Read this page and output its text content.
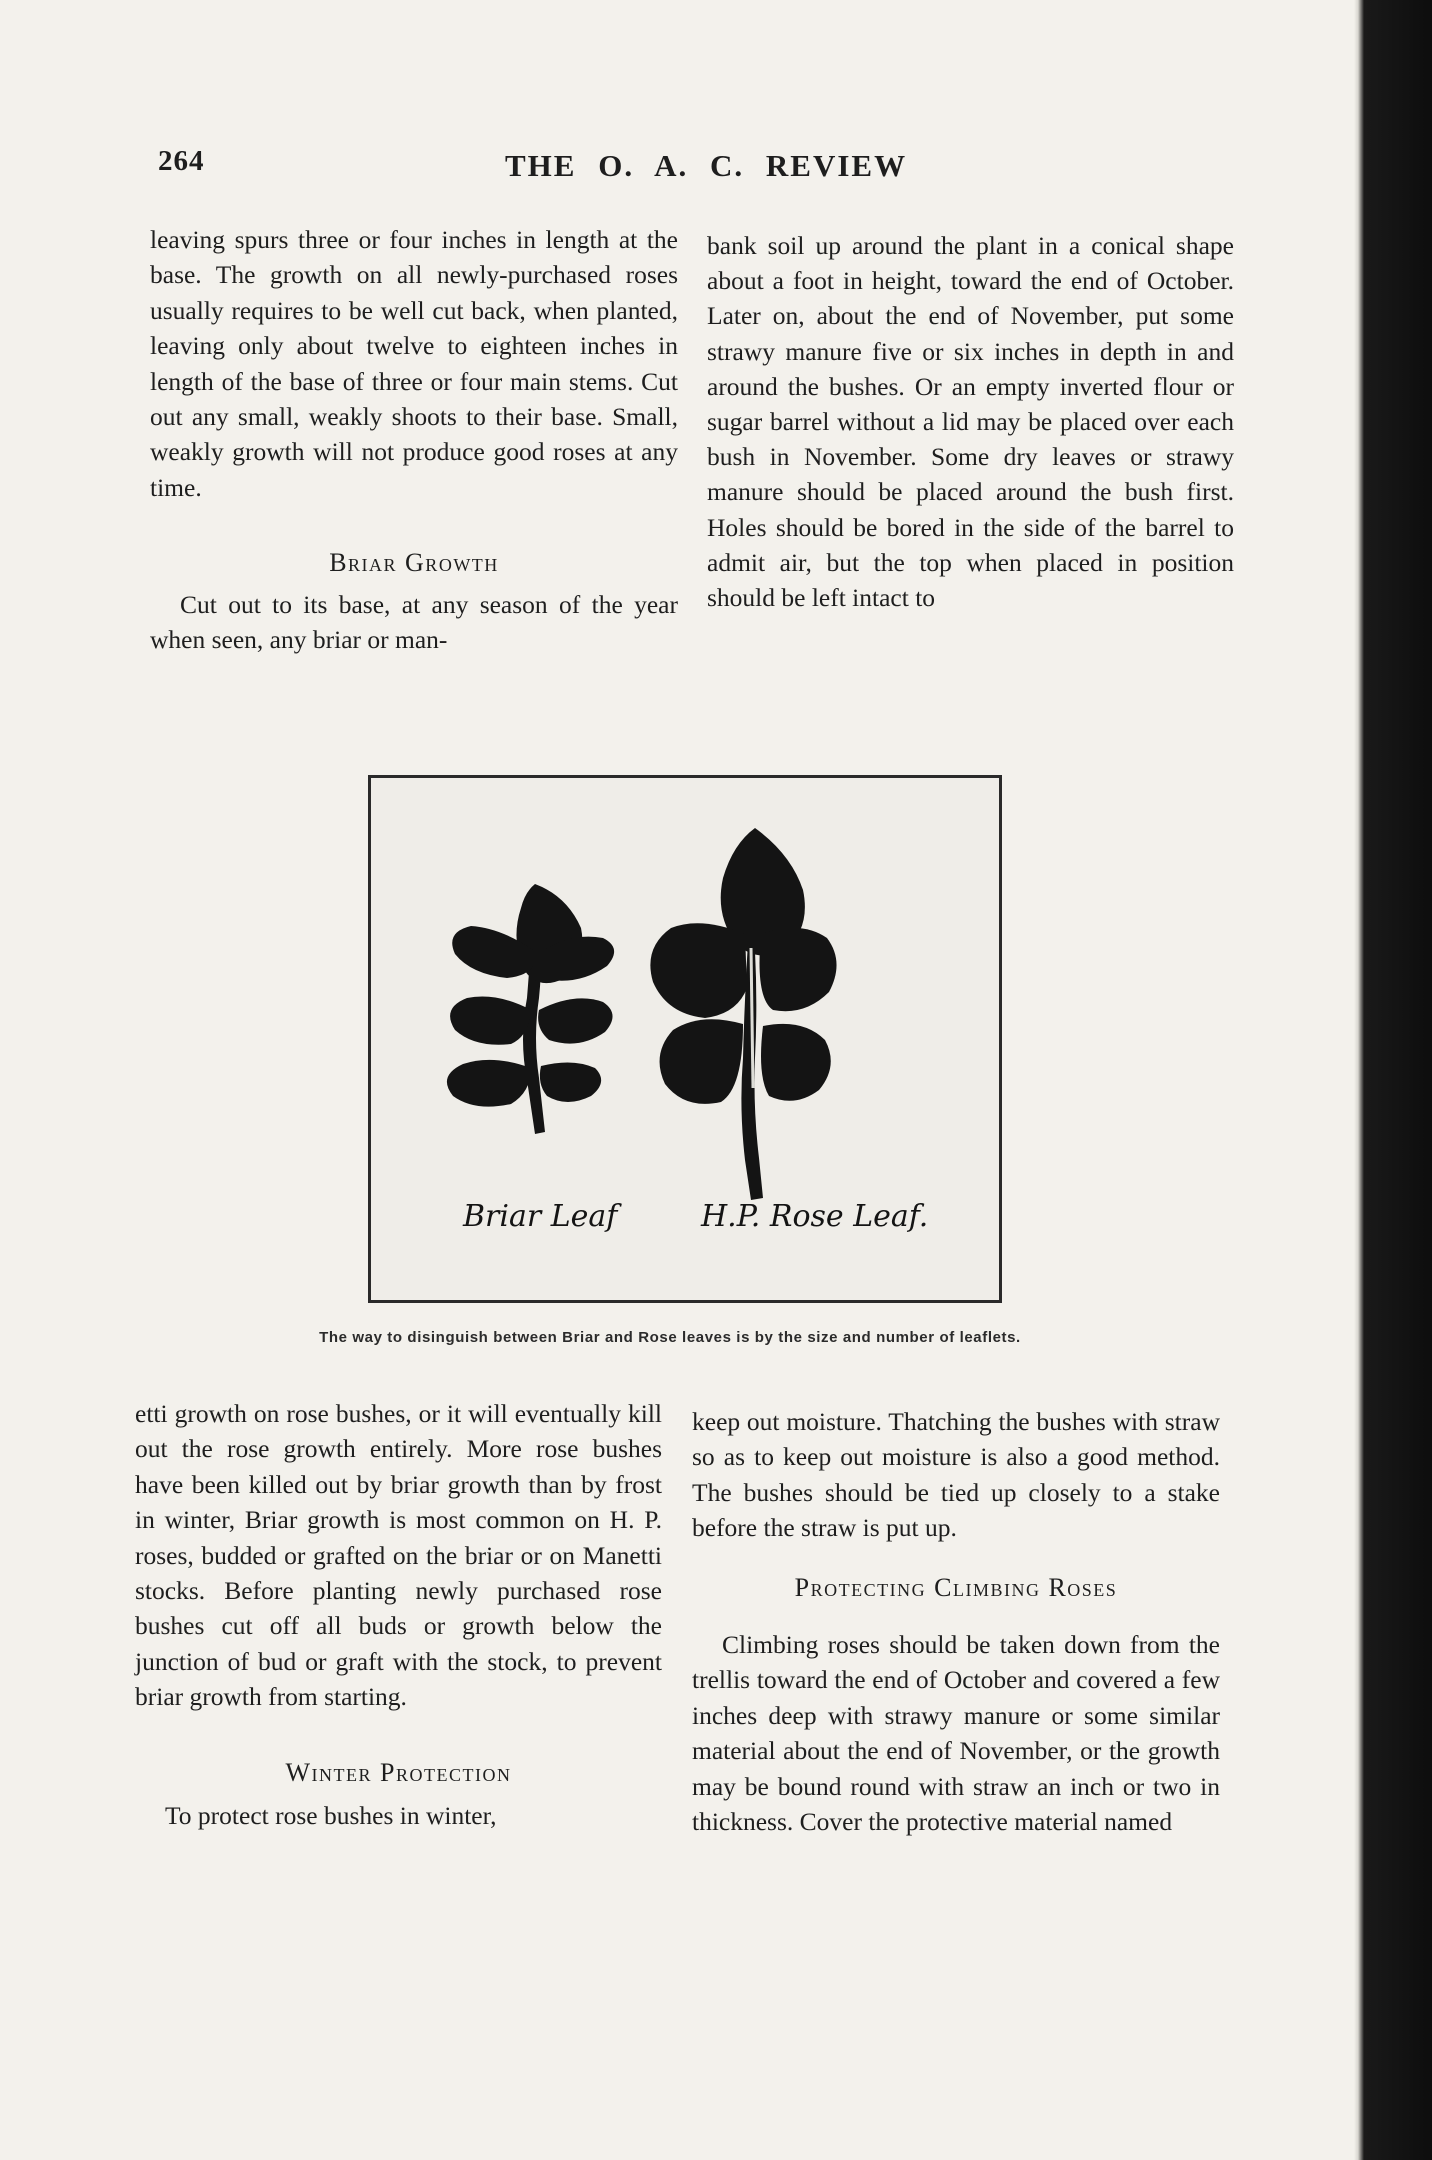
264	THE O. A. C. REVIEW

leaving spurs three or four inches in length at the base. The growth on all newly-purchased roses usually requires to be well cut back, when planted, leaving only about twelve to eighteen inches in length of the base of three or four main stems. Cut out any small, weakly shoots to their base. Small, weakly growth will not produce good roses at any time.

Briar Growth

Cut out to its base, at any season of the year when seen, any briar or man-

bank soil up around the plant in a conical shape about a foot in height, toward the end of October. Later on, about the end of November, put some strawy manure five or six inches in depth in and around the bushes. Or an empty inverted flour or sugar barrel without a lid may be placed over each bush in November. Some dry leaves or strawy manure should be placed around the bush first. Holes should be bored in the side of the barrel to admit air, but the top when placed in position should be left intact to

Briar Leaf	H.P. Rose Leaf.
The way to disinguish between Briar and Rose leaves is by the size and number of leaflets.

etti growth on rose bushes, or it will eventually kill out the rose growth entirely. More rose bushes have been killed out by briar growth than by frost in winter, Briar growth is most common on H. P. roses, budded or grafted on the briar or on Manetti stocks. Before planting newly purchased rose bushes cut off all buds or growth below the junction of bud or graft with the stock, to prevent briar growth from starting.

Winter Protection

To protect rose bushes in winter,

keep out moisture. Thatching the bushes with straw so as to keep out moisture is also a good method. The bushes should be tied up closely to a stake before the straw is put up.

Protecting Climbing Roses

Climbing roses should be taken down from the trellis toward the end of October and covered a few inches deep with strawy manure or some similar material about the end of November, or the growth may be bound round with straw an inch or two in thickness. Cover the protective material named
